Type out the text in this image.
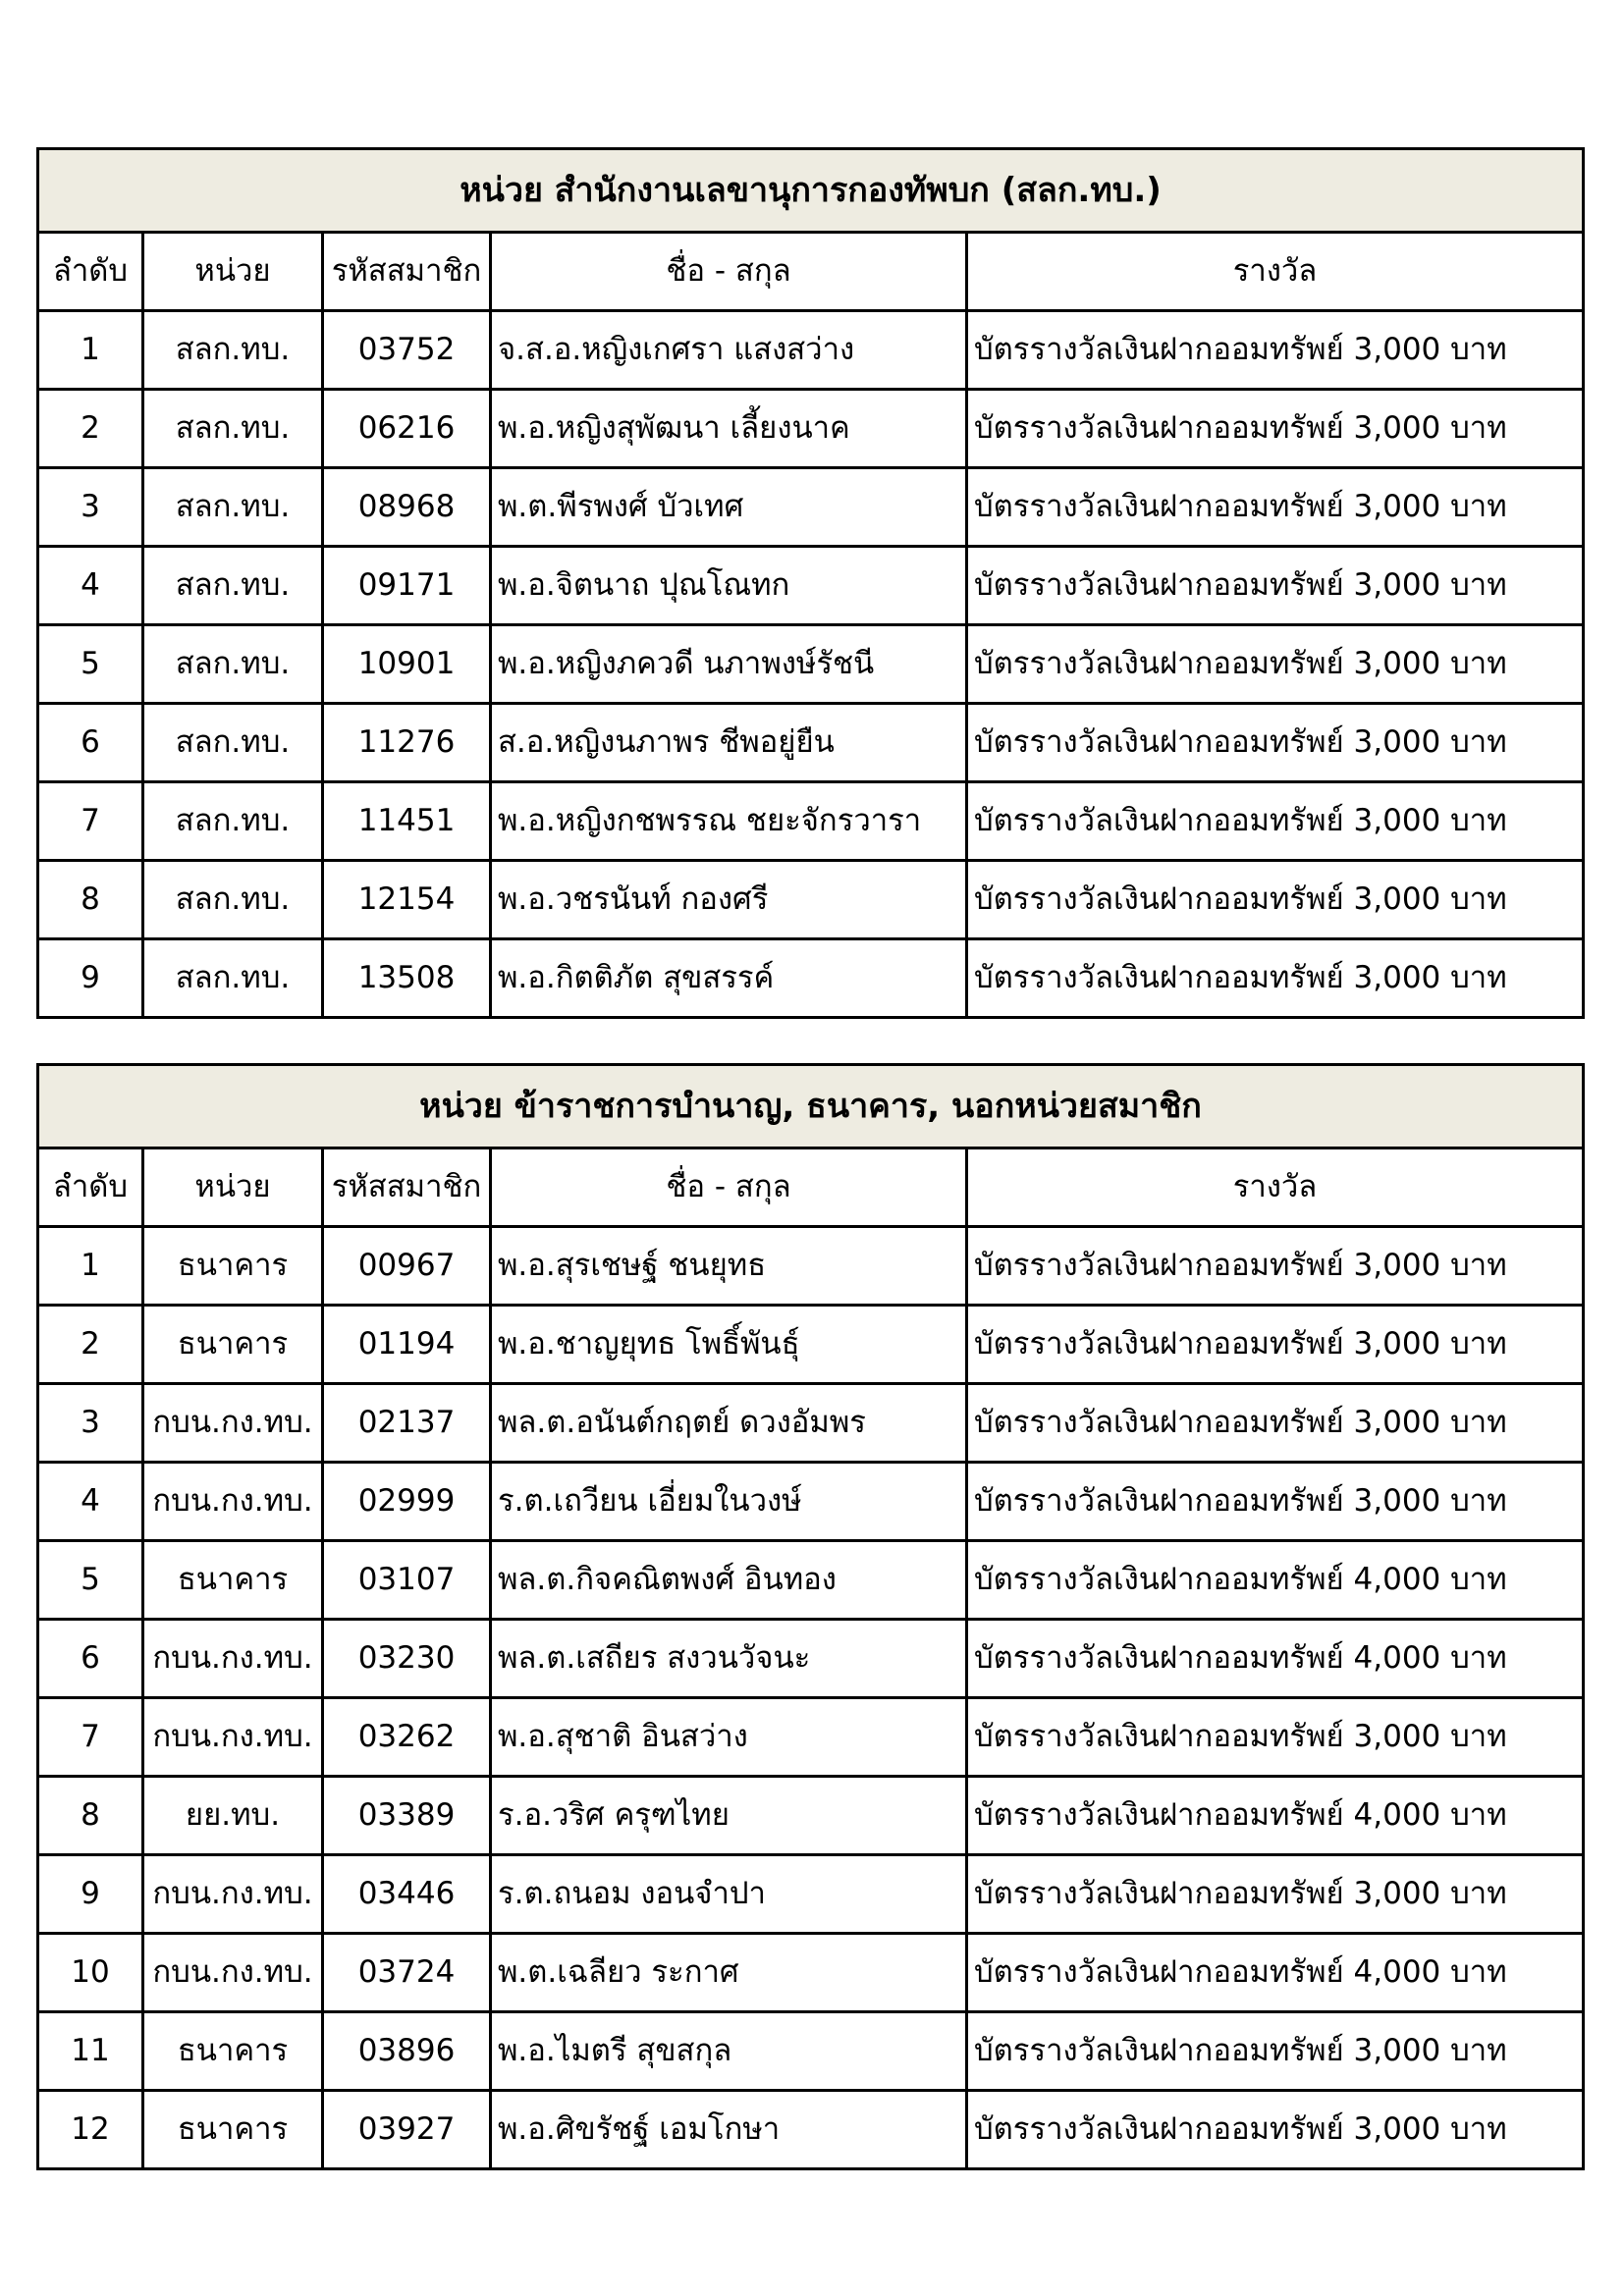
หน่วย สำนักงานเลขานุการกองทัพบก (สลก.ทบ.)				
ลำดับ	หน่วย	รหัสสมาชิก	ชื่อ - สกุล	รางวัล
1	สลก.ทบ.	03752	จ.ส.อ.หญิงเกศรา แสงสว่าง	บัตรรางวัลเงินฝากออมทรัพย์ 3,000 บาท
2	สลก.ทบ.	06216	พ.อ.หญิงสุพัฒนา เลี้ยงนาค	บัตรรางวัลเงินฝากออมทรัพย์ 3,000 บาท
3	สลก.ทบ.	08968	พ.ต.พีรพงศ์ บัวเทศ	บัตรรางวัลเงินฝากออมทรัพย์ 3,000 บาท
4	สลก.ทบ.	09171	พ.อ.จิตนาถ ปุณโณทก	บัตรรางวัลเงินฝากออมทรัพย์ 3,000 บาท
5	สลก.ทบ.	10901	พ.อ.หญิงภควดี นภาพงษ์รัชนี	บัตรรางวัลเงินฝากออมทรัพย์ 3,000 บาท
6	สลก.ทบ.	11276	ส.อ.หญิงนภาพร ชีพอยู่ยืน	บัตรรางวัลเงินฝากออมทรัพย์ 3,000 บาท
7	สลก.ทบ.	11451	พ.อ.หญิงกชพรรณ ชยะจักรวารา	บัตรรางวัลเงินฝากออมทรัพย์ 3,000 บาท
8	สลก.ทบ.	12154	พ.อ.วชรนันท์ กองศรี	บัตรรางวัลเงินฝากออมทรัพย์ 3,000 บาท
9	สลก.ทบ.	13508	พ.อ.กิตติภัต สุขสรรค์	บัตรรางวัลเงินฝากออมทรัพย์ 3,000 บาท
หน่วย ข้าราชการบำนาญ, ธนาคาร, นอกหน่วยสมาชิก				
ลำดับ	หน่วย	รหัสสมาชิก	ชื่อ - สกุล	รางวัล
1	ธนาคาร	00967	พ.อ.สุรเชษฐ์ ชนยุทธ	บัตรรางวัลเงินฝากออมทรัพย์ 3,000 บาท
2	ธนาคาร	01194	พ.อ.ชาญยุทธ โพธิ์พันธุ์	บัตรรางวัลเงินฝากออมทรัพย์ 3,000 บาท
3	กบน.กง.ทบ.	02137	พล.ต.อนันต์กฤตย์ ดวงอัมพร	บัตรรางวัลเงินฝากออมทรัพย์ 3,000 บาท
4	กบน.กง.ทบ.	02999	ร.ต.เถวียน เอี่ยมในวงษ์	บัตรรางวัลเงินฝากออมทรัพย์ 3,000 บาท
5	ธนาคาร	03107	พล.ต.กิจคณิตพงศ์ อินทอง	บัตรรางวัลเงินฝากออมทรัพย์ 4,000 บาท
6	กบน.กง.ทบ.	03230	พล.ต.เสถียร สงวนวัจนะ	บัตรรางวัลเงินฝากออมทรัพย์ 4,000 บาท
7	กบน.กง.ทบ.	03262	พ.อ.สุชาติ อินสว่าง	บัตรรางวัลเงินฝากออมทรัพย์ 3,000 บาท
8	ยย.ทบ.	03389	ร.อ.วริศ ครุฑไทย	บัตรรางวัลเงินฝากออมทรัพย์ 4,000 บาท
9	กบน.กง.ทบ.	03446	ร.ต.ถนอม งอนจำปา	บัตรรางวัลเงินฝากออมทรัพย์ 3,000 บาท
10	กบน.กง.ทบ.	03724	พ.ต.เฉลียว ระกาศ	บัตรรางวัลเงินฝากออมทรัพย์ 4,000 บาท
11	ธนาคาร	03896	พ.อ.ไมตรี สุขสกุล	บัตรรางวัลเงินฝากออมทรัพย์ 3,000 บาท
12	ธนาคาร	03927	พ.อ.ศิขรัชฐ์ เอมโกษา	บัตรรางวัลเงินฝากออมทรัพย์ 3,000 บาท
